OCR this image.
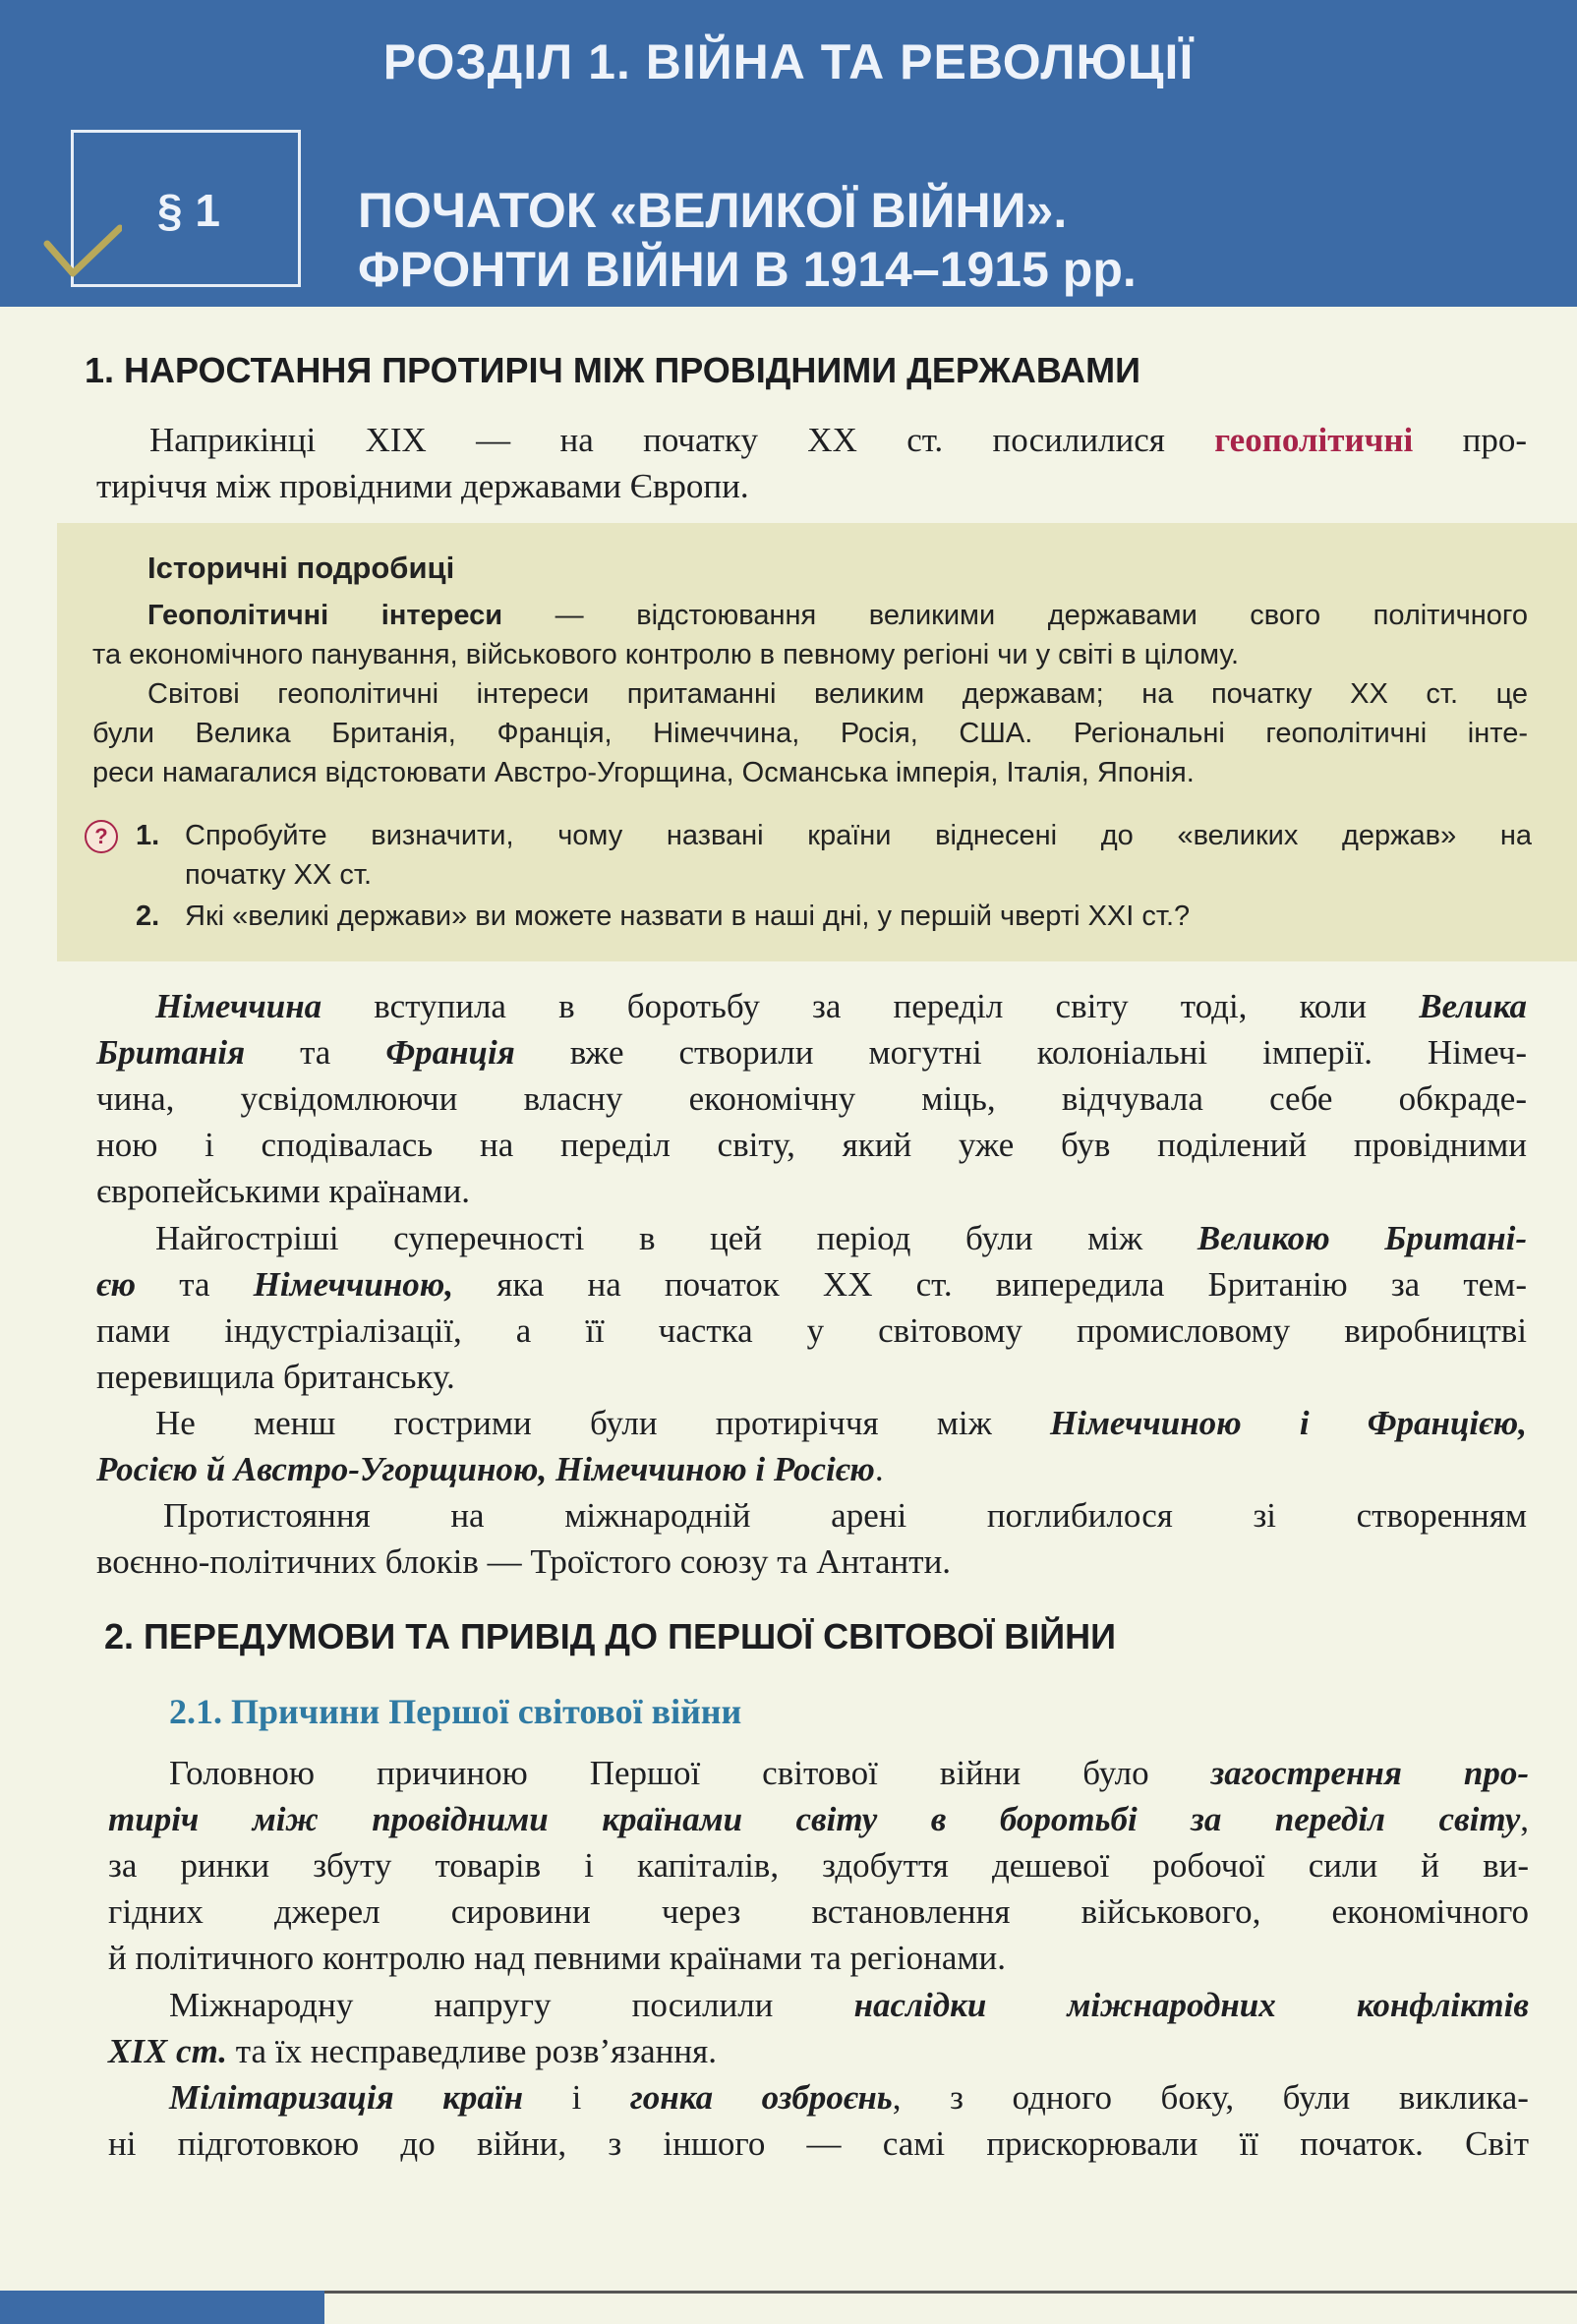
РОЗДІЛ 1. ВІЙНА ТА РЕВОЛЮЦІЇ
§ 1	ПОЧАТОК «ВЕЛИКОЇ ВІЙНИ».
ФРОНТИ ВІЙНИ В 1914–1915 рр.
1. НАРОСТАННЯ ПРОТИРІЧ МІЖ ПРОВІДНИМИ ДЕРЖАВАМИ
Наприкінці XIX — на початку XX ст. посилилися геополітичні про-
тиріччя між провідними державами Європи.
Історичні подробиці
Геополітичні інтереси — відстоювання великими державами свого політичного
та економічного панування, військового контролю в певному регіоні чи у світі в цілому.
Світові геополітичні інтереси притаманні великим державам; на початку XX ст. це
були Велика Британія, Франція, Німеччина, Росія, США. Регіональні геополітичні інте-
реси намагалися відстоювати Австро-Угорщина, Османська імперія, Італія, Японія.
? 1. Спробуйте визначити, чому названі країни віднесені до «великих держав» на
початку XX ст.
2. Які «великі держави» ви можете назвати в наші дні, у першій чверті XXI ст.?
Німеччина вступила в боротьбу за переділ світу тоді, коли Велика
Британія та Франція вже створили могутні колоніальні імперії. Німеч-
чина, усвідомлюючи власну економічну міць, відчувала себе обкраде-
ною і сподівалась на переділ світу, який уже був поділений провідними
європейськими країнами.
Найгостріші суперечності в цей період були між Великою Британі-
єю та Німеччиною, яка на початок XX ст. випередила Британію за тем-
пами індустріалізації, а її частка у світовому промисловому виробництві
перевищила британську.
Не менш гострими були протиріччя між Німеччиною і Францією,
Росією й Австро-Угорщиною, Німеччиною і Росією.
Протистояння на міжнародній арені поглибилося зі створенням
воєнно-політичних блоків — Троїстого союзу та Антанти.
2. ПЕРЕДУМОВИ ТА ПРИВІД ДО ПЕРШОЇ СВІТОВОЇ ВІЙНИ
2.1. Причини Першої світової війни
Головною причиною Першої світової війни було загострення про-
тиріч між провідними країнами світу в боротьбі за переділ світу,
за ринки збуту товарів і капіталів, здобуття дешевої робочої сили й ви-
гідних джерел сировини через встановлення військового, економічного
й політичного контролю над певними країнами та регіонами.
Міжнародну напругу посилили наслідки міжнародних конфліктів
XIX ст. та їх несправедливе розв’язання.
Мілітаризація країн і гонка озброєнь, з одного боку, були виклика-
ні підготовкою до війни, з іншого — самі прискорювали її початок. Світ
